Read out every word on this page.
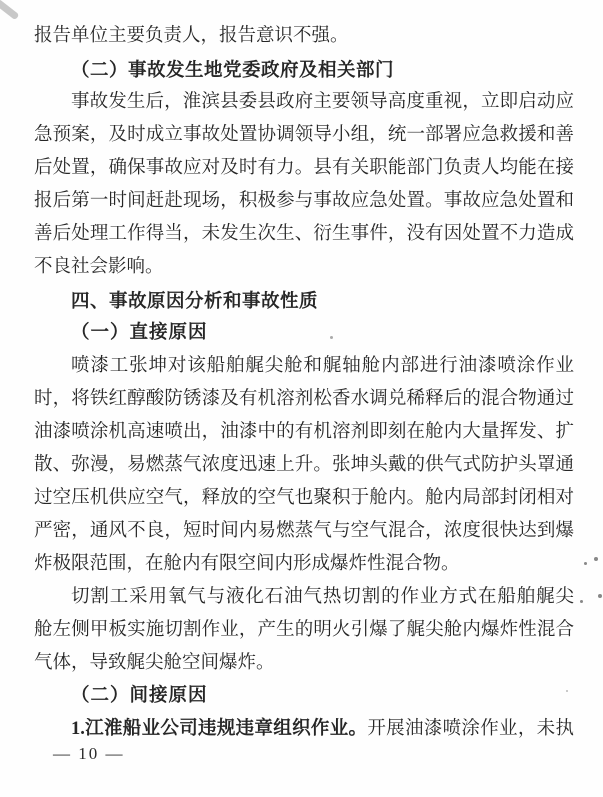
报告单位主要负责人，报告意识不强。
（二）事故发生地党委政府及相关部门
事故发生后，淮滨县委县政府主要领导高度重视，立即启动应
急预案，及时成立事故处置协调领导小组，统一部署应急救援和善
后处置，确保事故应对及时有力。县有关职能部门负责人均能在接
报后第一时间赶赴现场，积极参与事故应急处置。事故应急处置和
善后处理工作得当，未发生次生、衍生事件，没有因处置不力造成
不良社会影响。
四、事故原因分析和事故性质
（一）直接原因
喷漆工张坤对该船舶艉尖舱和艉轴舱内部进行油漆喷涂作业
时，将铁红醇酸防锈漆及有机溶剂松香水调兑稀释后的混合物通过
油漆喷涂机高速喷出，油漆中的有机溶剂即刻在舱内大量挥发、扩
散、弥漫，易燃蒸气浓度迅速上升。张坤头戴的供气式防护头罩通
过空压机供应空气，释放的空气也聚积于舱内。舱内局部封闭相对
严密，通风不良，短时间内易燃蒸气与空气混合，浓度很快达到爆
炸极限范围，在舱内有限空间内形成爆炸性混合物。
切割工采用氧气与液化石油气热切割的作业方式在船舶艉尖
舱左侧甲板实施切割作业，产生的明火引爆了艉尖舱内爆炸性混合
气体，导致艉尖舱空间爆炸。
（二）间接原因
1.江淮船业公司违规违章组织作业。开展油漆喷涂作业，未执
— 10 —
